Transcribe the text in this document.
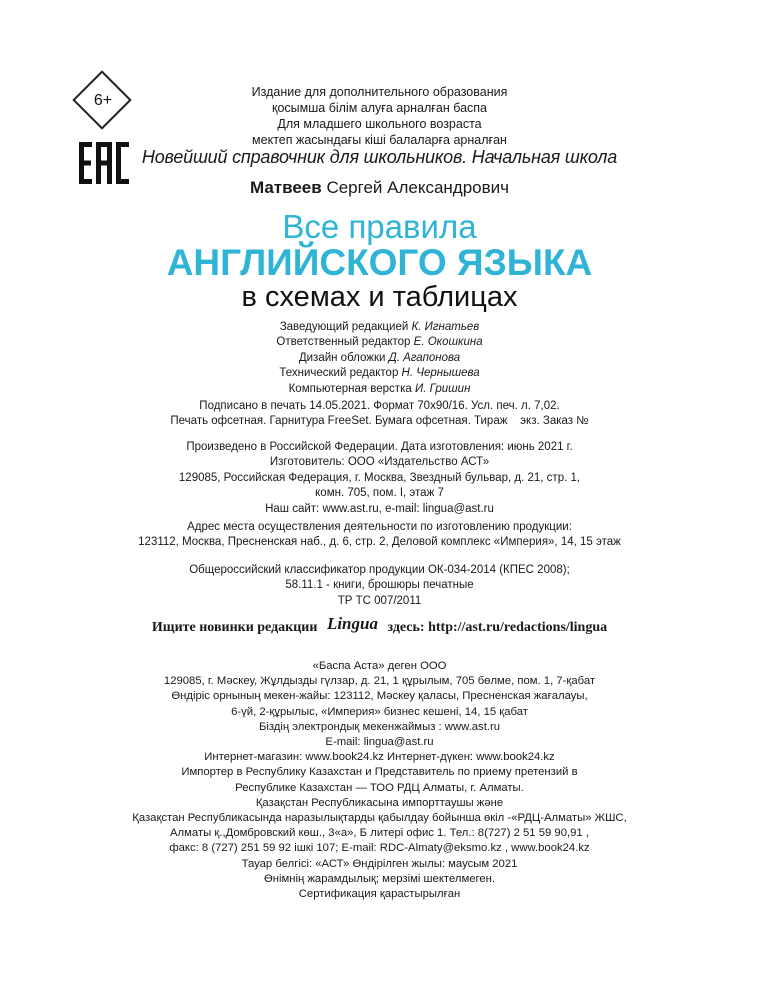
6+	Издание для дополнительного образования
қосымша білім алуға арналған баспа
Для младшего школьного возраста
мектеп жасындағы кіші балаларға арналған
Новейший справочник для школьников. Начальная школа
Матвеев Сергей Александрович
Все правила
АНГЛИЙСКОГО ЯЗЫКА
в схемах и таблицах
Заведующий редакцией К. Игнатьев
Ответственный редактор Е. Окошкина
Дизайн обложки Д. Агапонова
Технический редактор Н. Чернышева
Компьютерная верстка И. Гришин
Подписано в печать 14.05.2021. Формат 70x90/16. Усл. печ. л. 7,02.
Печать офсетная. Гарнитура FreeSet. Бумага офсетная. Тираж    экз. Заказ №
Произведено в Российской Федерации. Дата изготовления: июнь 2021 г.
Изготовитель: ООО «Издательство АСТ»
129085, Российская Федерация, г. Москва, Звездный бульвар, д. 21, стр. 1,
комн. 705, пом. I, этаж 7
Наш сайт: www.ast.ru, e-mail: lingua@ast.ru
Адрес места осуществления деятельности по изготовлению продукции:
123112, Москва, Пресненская наб., д. 6, стр. 2, Деловой комплекс «Империя», 14, 15 этаж
Общероссийский классификатор продукции ОК-034-2014 (КПЕС 2008);
58.11.1 - книги, брошюры печатные
ТР ТС 007/2011
Ищите новинки редакции Lingua здесь: http://ast.ru/redactions/lingua
«Баспа Аста» деген ООО
129085, г. Мәскеу, Жұлдызды гүлзар, д. 21, 1 құрылым, 705 бөлме, пом. 1, 7-қабат
Өндіріс орнының мекен-жайы: 123112, Мәскеу қаласы, Пресненская жағалауы,
6-үй, 2-құрылыс, «Империя» бизнес кешені, 14, 15 қабат
Біздің электрондық мекенжаймыз : www.ast.ru
E-mail: lingua@ast.ru
Интернет-магазин: www.book24.kz Интернет-дүкен: www.book24.kz
Импортер в Республику Казахстан и Представитель по приему претензий в
Республике Казахстан — ТОО РДЦ Алматы, г. Алматы.
Қазақстан Республикасына импорттаушы және
Қазақстан Республикасында наразылықтарды қабылдау бойынша өкіл -«РДЦ-Алматы» ЖШС,
Алматы қ.,Домбровский көш., 3«а», Б литері офис 1. Тел.: 8(727) 2 51 59 90,91 ,
факс: 8 (727) 251 59 92 ішкі 107; E-mail: RDC-Almaty@eksmo.kz , www.book24.kz
Тауар белгісі: «АСТ» Өндірілген жылы: маусым 2021
Өнімнің жарамдылық; мерзімі шектелмеген.
Сертификация қарастырылған
